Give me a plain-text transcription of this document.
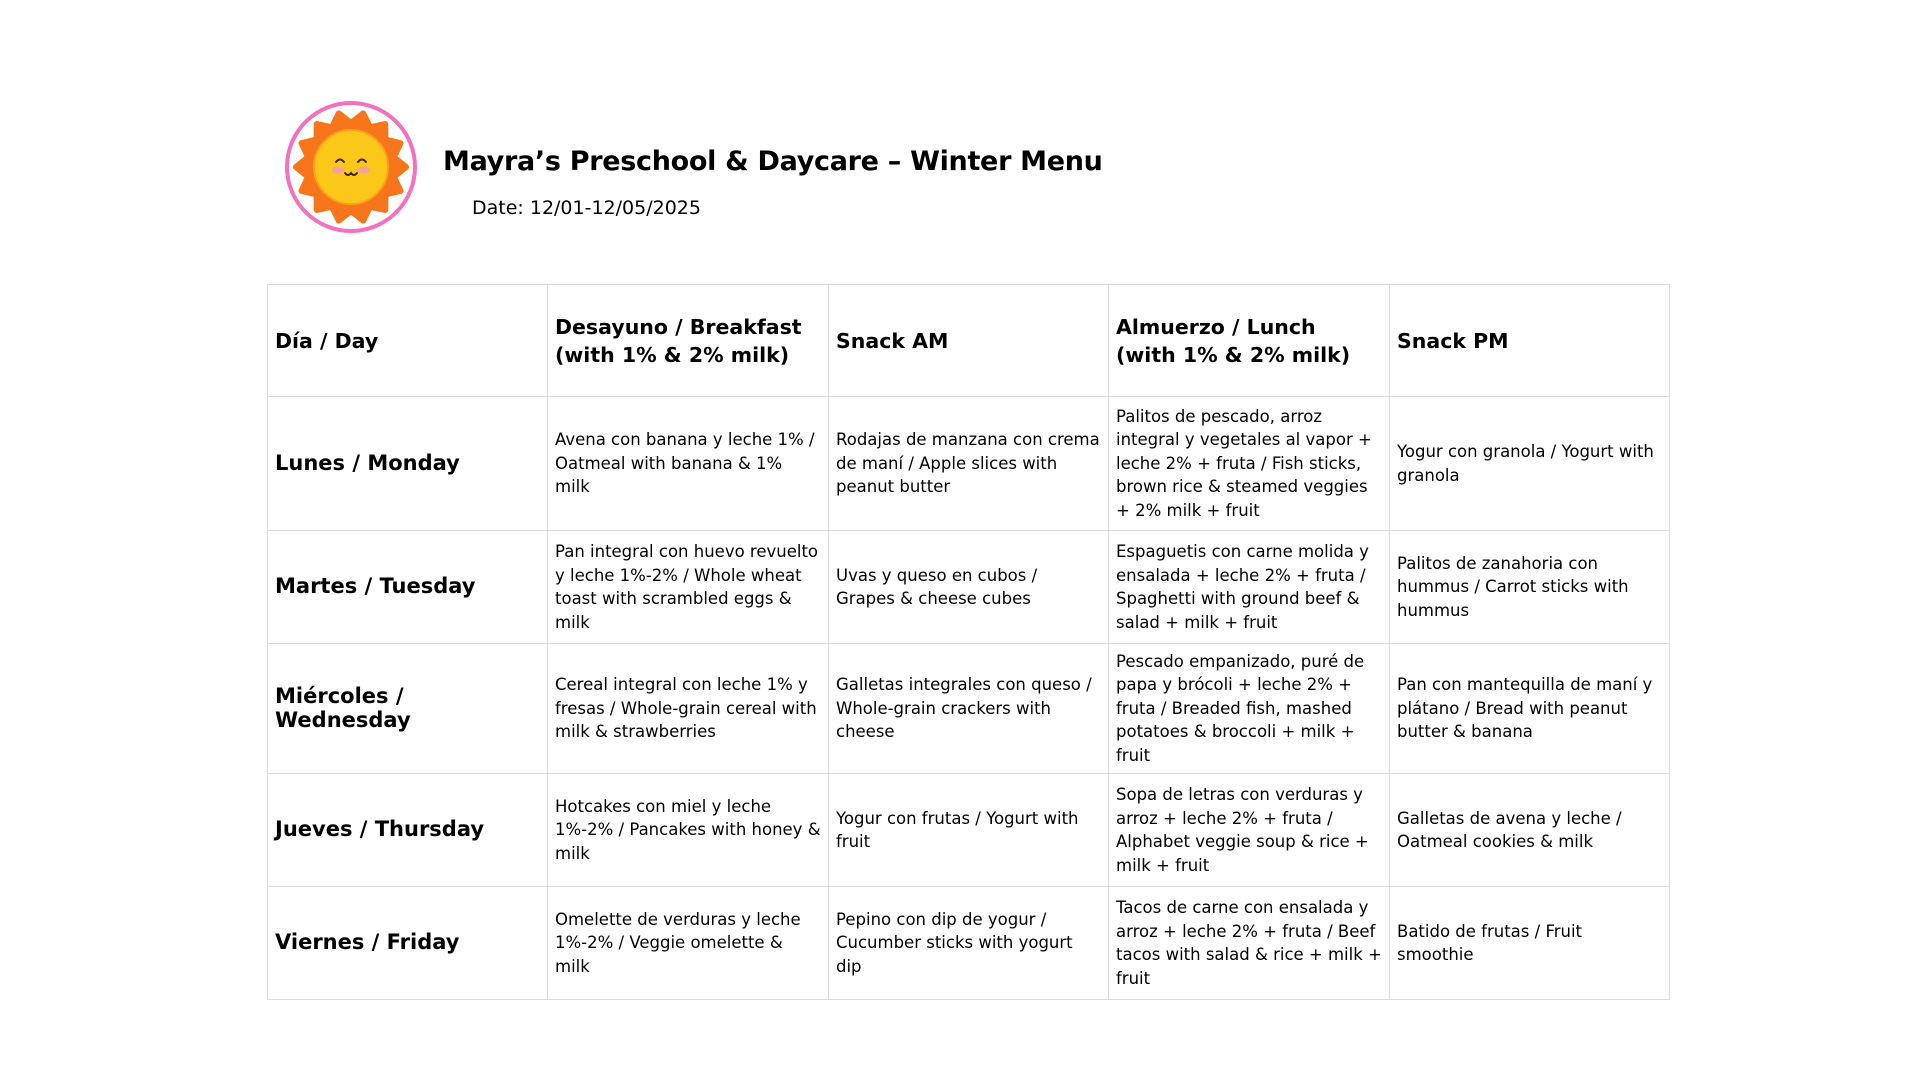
Mayra’s Preschool & Daycare – Winter Menu
Date: 12/01-12/05/2025
Día / Day	Desayuno / Breakfast (with 1% & 2% milk)	Snack AM	Almuerzo / Lunch (with 1% & 2% milk)	Snack PM
Lunes / Monday	Avena con banana y leche 1% / Oatmeal with banana & 1% milk	Rodajas de manzana con crema de maní / Apple slices with peanut butter	Palitos de pescado, arroz integral y vegetales al vapor + leche 2% + fruta / Fish sticks, brown rice & steamed veggies + 2% milk + fruit	Yogur con granola / Yogurt with granola
Martes / Tuesday	Pan integral con huevo revuelto y leche 1%-2% / Whole wheat toast with scrambled eggs & milk	Uvas y queso en cubos / Grapes & cheese cubes	Espaguetis con carne molida y ensalada + leche 2% + fruta / Spaghetti with ground beef & salad + milk + fruit	Palitos de zanahoria con hummus / Carrot sticks with hummus
Miércoles / Wednesday	Cereal integral con leche 1% y fresas / Whole-grain cereal with milk & strawberries	Galletas integrales con queso / Whole-grain crackers with cheese	Pescado empanizado, puré de papa y brócoli + leche 2% + fruta / Breaded fish, mashed potatoes & broccoli + milk + fruit	Pan con mantequilla de maní y plátano / Bread with peanut butter & banana
Jueves / Thursday	Hotcakes con miel y leche 1%-2% / Pancakes with honey & milk	Yogur con frutas / Yogurt with fruit	Sopa de letras con verduras y arroz + leche 2% + fruta / Alphabet veggie soup & rice + milk + fruit	Galletas de avena y leche / Oatmeal cookies & milk
Viernes / Friday	Omelette de verduras y leche 1%-2% / Veggie omelette & milk	Pepino con dip de yogur / Cucumber sticks with yogurt dip	Tacos de carne con ensalada y arroz + leche 2% + fruta / Beef tacos with salad & rice + milk + fruit	Batido de frutas / Fruit smoothie
